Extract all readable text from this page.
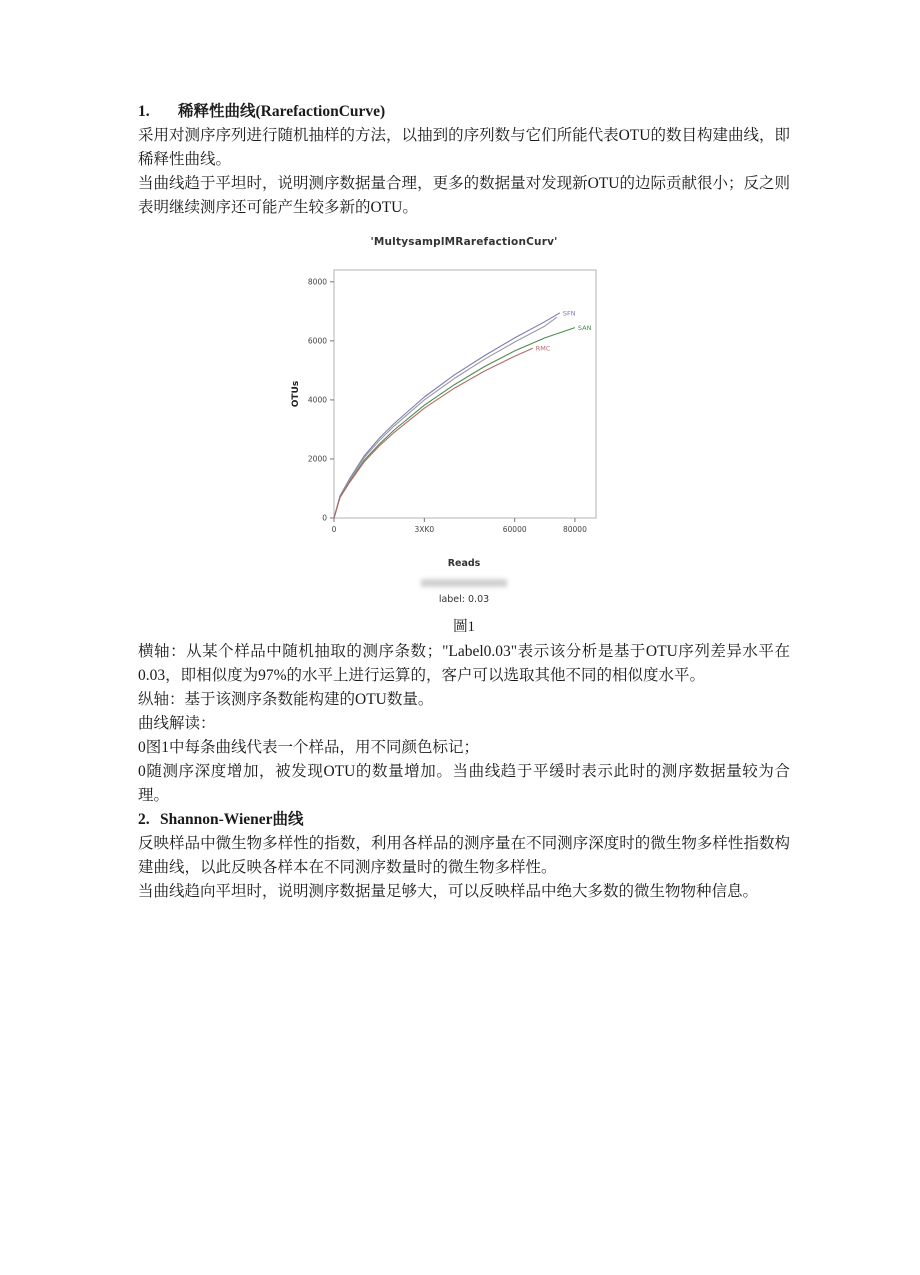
1. 稀释性曲线(RarefactionCurve)

采用对测序序列进行随机抽样的方法，以抽到的序列数与它们所能代表OTU的数目构建曲线，即稀释性曲线。

当曲线趋于平坦时，说明测序数据量合理，更多的数据量对发现新OTU的边际贡献很小；反之则表明继续测序还可能产生较多新的OTU。

'MultysamplMRarefactionCurv'
0
2000
4000
6000
8000
0	3XK0	60000	80000
OTUs
SFN
SAN
RMC
Reads
label: 0.03
圖1

横轴：从某个样品中随机抽取的测序条数；"Label0.03"表示该分析是基于OTU序列差异水平在0.03，即相似度为97%的水平上进行运算的，客户可以选取其他不同的相似度水平。

纵轴：基于该测序条数能构建的OTU数量。

曲线解读：

0图1中每条曲线代表一个样品，用不同颜色标记；

0随测序深度增加，被发现OTU的数量增加。当曲线趋于平缓时表示此时的测序数据量较为合理。

2. Shannon-Wiener曲线

反映样品中微生物多样性的指数，利用各样品的测序量在不同测序深度时的微生物多样性指数构建曲线，以此反映各样本在不同测序数量时的微生物多样性。

当曲线趋向平坦时，说明测序数据量足够大，可以反映样品中绝大多数的微生物物种信息。
